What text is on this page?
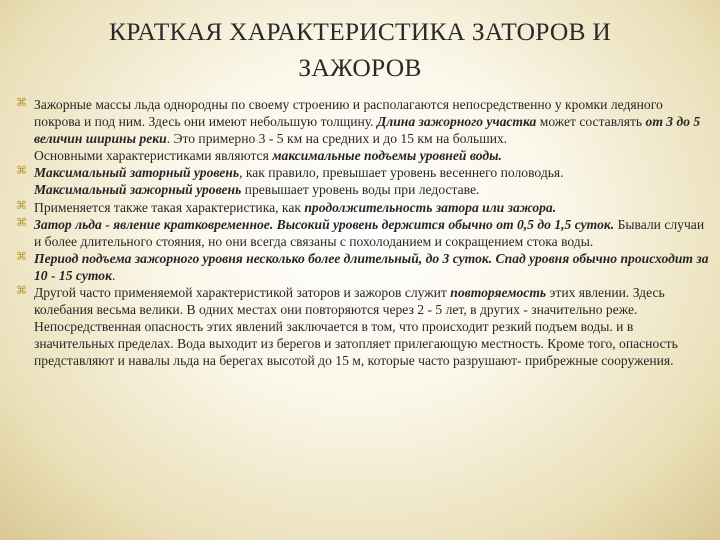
КРАТКАЯ ХАРАКТЕРИСТИКА ЗАТОРОВ И
ЗАЖОРОВ
⌘ Зажорные массы льда однородны по своему строению и располагаются непосредственно у кромки ледяного покрова и под ним. Здесь они имеют небольшую толщину. Длина зажорного участка может составлять от 3 до 5 величин ширины реки. Это примерно 3 - 5 км на средних и до 15 км на больших.
Основными характеристиками являются максимальные подъемы уровней воды.
⌘ Максимальный заторный уровень, как правило, превышает уровень весеннего половодья.
Максимальный зажорный уровень превышает уровень воды при ледоставе.
⌘ Применяется также такая характеристика, как продолжительность затора или зажора.
⌘ Затор льда - явление кратковременное. Высокий уровень держится обычно от 0,5 до 1,5 суток. Бывали случаи и более длительного стояния, но они всегда связаны с похолоданием и сокращением стока воды.
⌘ Период подъема зажорного уровня несколько более длительный, до 3 суток. Спад уровня обычно происходит за 10 - 15 суток.
⌘ Другой часто применяемой характеристикой заторов и зажоров служит повторяемость этих явлении. Здесь колебания весьма велики. В одних местах они повторяются через 2 - 5 лет, в других - значительно реже.
Непосредственная опасность этих явлений заключается в том, что происходит резкий подъем воды. и в значительных пределах. Вода выходит из берегов и затопляет прилегающую местность. Кроме того, опасность представляют и навалы льда на берегах высотой до 15 м, которые часто разрушают- прибрежные сооружения.
